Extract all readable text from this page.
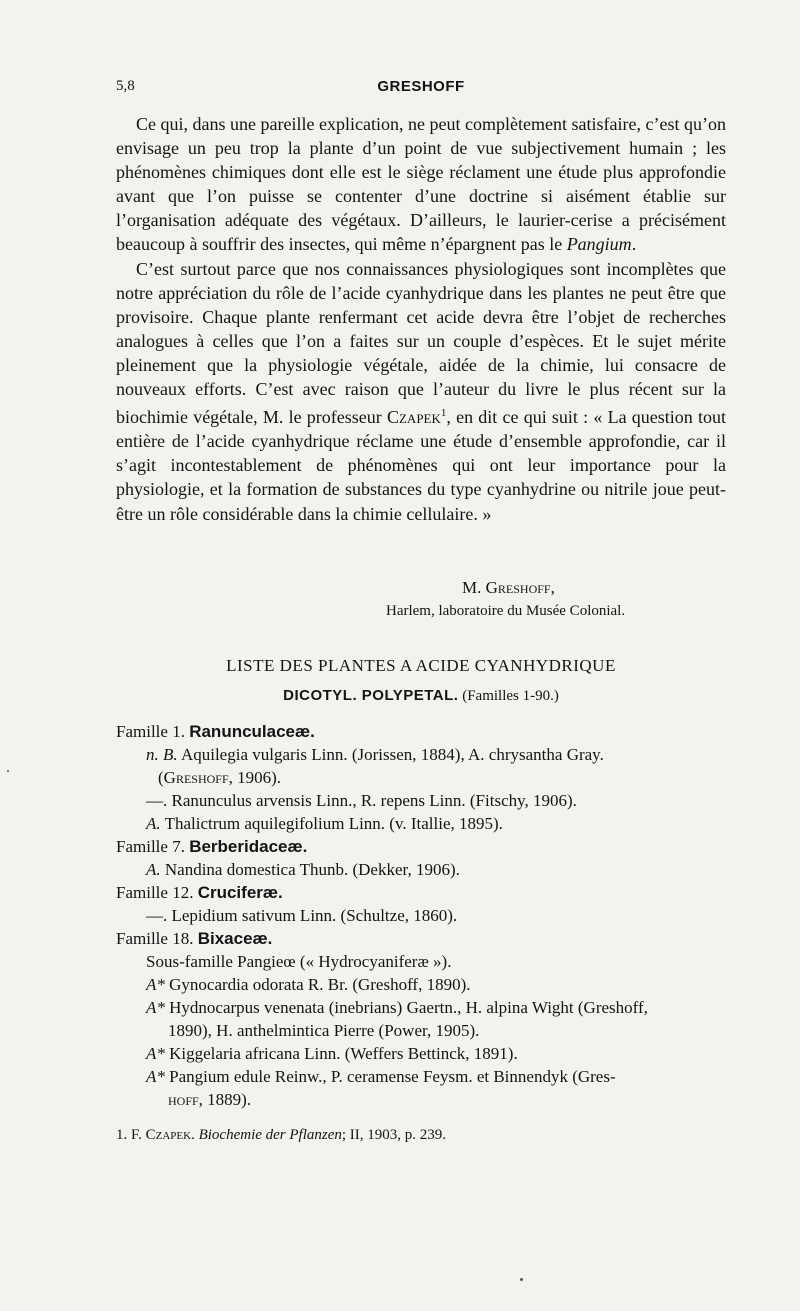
5,8	GRESHOFF

Ce qui, dans une pareille explication, ne peut complètement satisfaire, c’est qu’on envisage un peu trop la plante d’un point de vue subjectivement humain ; les phénomènes chimiques dont elle est le siège réclament une étude plus approfondie avant que l’on puisse se contenter d’une doctrine si aisément établie sur l’organisation adéquate des végétaux. D’ailleurs, le laurier-cerise a précisément beaucoup à souffrir des insectes, qui même n’épargnent pas le Pangium.

C’est surtout parce que nos connaissances physiologiques sont incomplètes que notre appréciation du rôle de l’acide cyanhydrique dans les plantes ne peut être que provisoire. Chaque plante renfermant cet acide devra être l’objet de recherches analogues à celles que l’on a faites sur un couple d’espèces. Et le sujet mérite pleinement que la physiologie végétale, aidée de la chimie, lui consacre de nouveaux efforts. C’est avec raison que l’auteur du livre le plus récent sur la biochimie végétale, M. le professeur Czapek$^1$, en dit ce qui suit : « La question tout entière de l’acide cyanhydrique réclame une étude d’ensemble approfondie, car il s’agit incontestablement de phénomènes qui ont leur importance pour la physiologie, et la formation de substances du type cyanhydrine ou nitrile joue peut-être un rôle considérable dans la chimie cellulaire. »

M. Greshoff,
Harlem, laboratoire du Musée Colonial.
LISTE DES PLANTES A ACIDE CYANHYDRIQUE
DICOTYL. POLYPETAL. (Familles 1-90.)

Famille 1. Ranunculaceæ.

n. B. Aquilegia vulgaris Linn. (Jorissen, 1884), A. chrysantha Gray.

(Greshoff, 1906).

—. Ranunculus arvensis Linn., R. repens Linn. (Fitschy, 1906).

A. Thalictrum aquilegifolium Linn. (v. Itallie, 1895).

Famille 7. Berberidaceæ.

A. Nandina domestica Thunb. (Dekker, 1906).

Famille 12. Cruciferæ.

—. Lepidium sativum Linn. (Schultze, 1860).

Famille 18. Bixaceæ.

Sous-famille Pangieœ (« Hydrocyaniferæ »).

A* Gynocardia odorata R. Br. (Greshoff, 1890).

A* Hydnocarpus venenata (inebrians) Gaertn., H. alpina Wight (Greshoff,

1890), H. anthelmintica Pierre (Power, 1905).

A* Kiggelaria africana Linn. (Weffers Bettinck, 1891).

A* Pangium edule Reinw., P. ceramense Feysm. et Binnendyk (Gres-

hoff, 1889).

1. F. Czapek. Biochemie der Pflanzen; II, 1903, p. 239.
